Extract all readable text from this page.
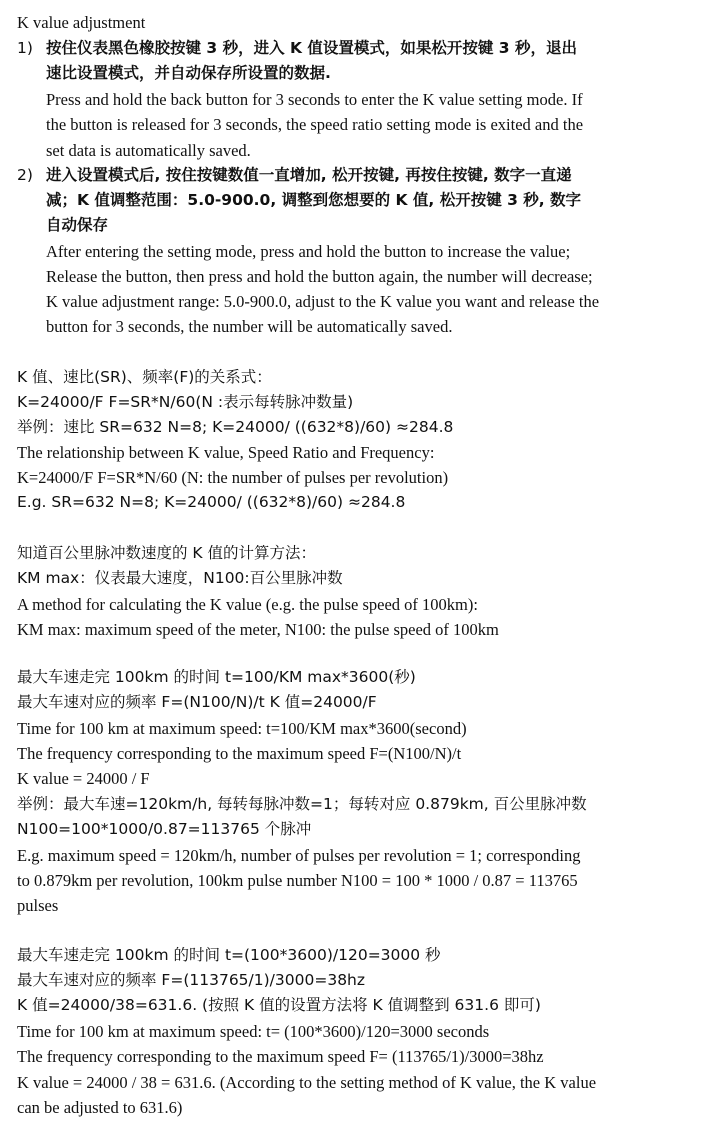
K value adjustment
1) 按住仪表黑色橡胶按键 3 秒，进入 K 值设置模式，如果松开按键 3 秒，退出
速比设置模式，并自动保存所设置的数据.
Press and hold the back button for 3 seconds to enter the K value setting mode. If
the button is released for 3 seconds, the speed ratio setting mode is exited and the
set data is automatically saved.
2) 进入设置模式后, 按住按键数值一直增加, 松开按键, 再按住按键, 数字一直递
减；K 值调整范围：5.0-900.0, 调整到您想要的 K 值, 松开按键 3 秒, 数字
自动保存
After entering the setting mode, press and hold the button to increase the value;
Release the button, then press and hold the button again, the number will decrease;
K value adjustment range: 5.0-900.0, adjust to the K value you want and release the
button for 3 seconds, the number will be automatically saved.
K 值、速比(SR)、频率(F)的关系式：
K=24000/F F=SR*N/60(N :表示每转脉冲数量)
举例：速比 SR=632 N=8; K=24000/ ((632*8)/60) ≈284.8
The relationship between K value, Speed Ratio and Frequency:
K=24000/F F=SR*N/60 (N: the number of pulses per revolution)
E.g. SR=632 N=8; K=24000/ ((632*8)/60) ≈284.8
知道百公里脉冲数速度的 K 值的计算方法：
KM max：仪表最大速度，N100:百公里脉冲数
A method for calculating the K value (e.g. the pulse speed of 100km):
KM max: maximum speed of the meter, N100: the pulse speed of 100km
最大车速走完 100km 的时间 t=100/KM max*3600(秒)
最大车速对应的频率 F=(N100/N)/t K 值=24000/F
Time for 100 km at maximum speed: t=100/KM max*3600(second)
The frequency corresponding to the maximum speed F=(N100/N)/t
K value = 24000 / F
举例：最大车速=120km/h, 每转每脉冲数=1；每转对应 0.879km, 百公里脉冲数
N100=100*1000/0.87=113765 个脉冲
E.g. maximum speed = 120km/h, number of pulses per revolution = 1; corresponding
to 0.879km per revolution, 100km pulse number N100 = 100 * 1000 / 0.87 = 113765
pulses
最大车速走完 100km 的时间 t=(100*3600)/120=3000 秒
最大车速对应的频率 F=(113765/1)/3000=38hz
K 值=24000/38=631.6. (按照 K 值的设置方法将 K 值调整到 631.6 即可)
Time for 100 km at maximum speed: t= (100*3600)/120=3000 seconds
The frequency corresponding to the maximum speed F= (113765/1)/3000=38hz
K value = 24000 / 38 = 631.6. (According to the setting method of K value, the K value
can be adjusted to 631.6)
